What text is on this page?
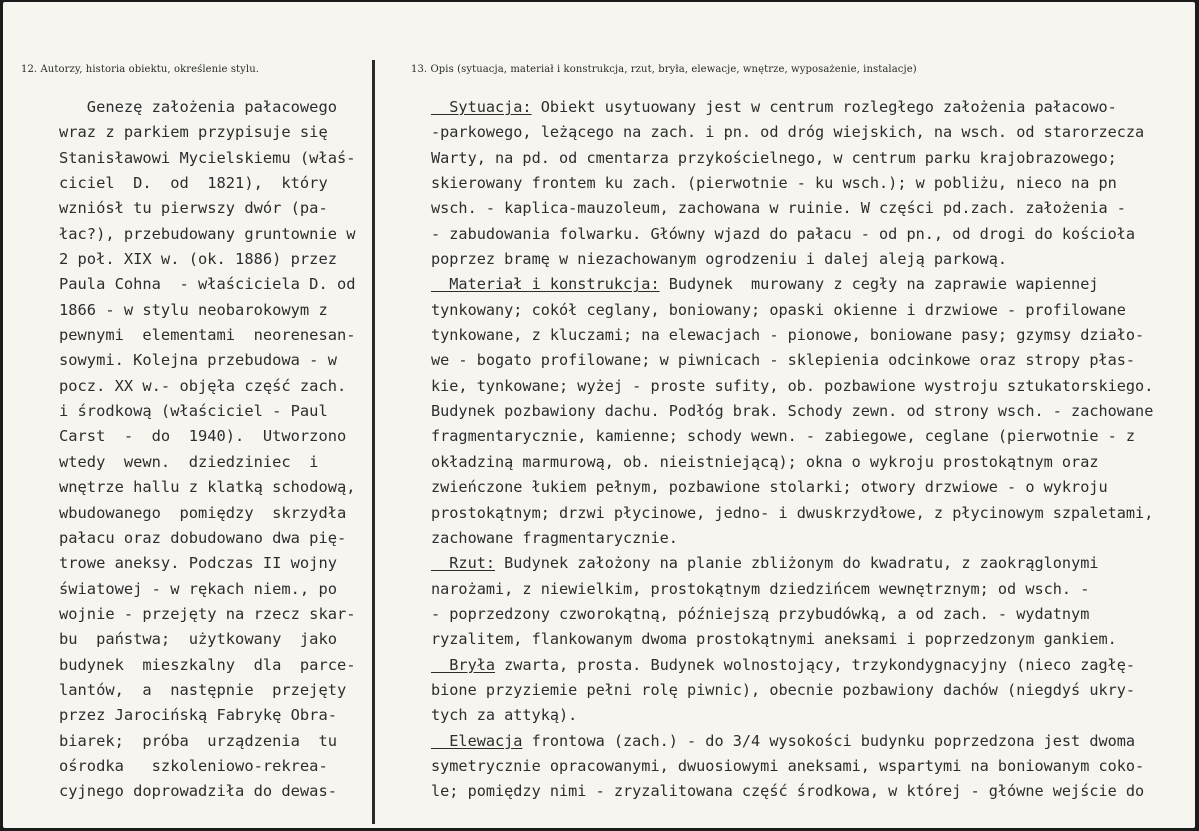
12. Autorzy, historia obiektu, określenie stylu.	13. Opis (sytuacja, materiał i konstrukcja, rzut, bryła, elewacje, wnętrze, wyposażenie, instalacje)
Genezę założenia pałacowego
wraz z parkiem przypisuje się
Stanisławowi Mycielskiemu (właś-
ciciel  D.  od  1821),  który
wzniósł tu pierwszy dwór (pa-
łac?), przebudowany gruntownie w
2 poł. XIX w. (ok. 1886) przez
Paula Cohna  - właściciela D. od
1866 - w stylu neobarokowym z
pewnymi  elementami  neorenesan-
sowymi. Kolejna przebudowa - w
pocz. XX w.- objęła część zach.
i środkową (właściciel - Paul
Carst  -  do  1940).  Utworzono
wtedy  wewn.  dziedziniec  i
wnętrze hallu z klatką schodową,
wbudowanego  pomiędzy  skrzydła
pałacu oraz dobudowano dwa pię-
trowe aneksy. Podczas II wojny
światowej - w rękach niem., po
wojnie - przejęty na rzecz skar-
bu  państwa;  użytkowany  jako
budynek  mieszkalny  dla  parce-
lantów,  a  następnie  przejęty
przez Jarocińską Fabrykę Obra-
biarek;  próba  urządzenia  tu
ośrodka   szkoleniowo-rekrea-
cyjnego doprowadziła do dewas-
Sytuacja: Obiekt usytuowany jest w centrum rozległego założenia pałacowo-
-parkowego, leżącego na zach. i pn. od dróg wiejskich, na wsch. od starorzecza
Warty, na pd. od cmentarza przykościelnego, w centrum parku krajobrazowego;
skierowany frontem ku zach. (pierwotnie - ku wsch.); w pobliżu, nieco na pn
wsch. - kaplica-mauzoleum, zachowana w ruinie. W części pd.zach. założenia -
- zabudowania folwarku. Główny wjazd do pałacu - od pn., od drogi do kościoła
poprzez bramę w niezachowanym ogrodzeniu i dalej aleją parkową.
Materiał i konstrukcja: Budynek  murowany z cegły na zaprawie wapiennej
tynkowany; cokół ceglany, boniowany; opaski okienne i drzwiowe - profilowane
tynkowane, z kluczami; na elewacjach - pionowe, boniowane pasy; gzymsy działo-
we - bogato profilowane; w piwnicach - sklepienia odcinkowe oraz stropy płas-
kie, tynkowane; wyżej - proste sufity, ob. pozbawione wystroju sztukatorskiego.
Budynek pozbawiony dachu. Podłóg brak. Schody zewn. od strony wsch. - zachowane
fragmentarycznie, kamienne; schody wewn. - zabiegowe, ceglane (pierwotnie - z
okładziną marmurową, ob. nieistniejącą); okna o wykroju prostokątnym oraz
zwieńczone łukiem pełnym, pozbawione stolarki; otwory drzwiowe - o wykroju
prostokątnym; drzwi płycinowe, jedno- i dwuskrzydłowe, z płycinowym szpaletami,
zachowane fragmentarycznie.
Rzut: Budynek założony na planie zbliżonym do kwadratu, z zaokrąglonymi
narożami, z niewielkim, prostokątnym dziedzińcem wewnętrznym; od wsch. -
- poprzedzony czworokątną, późniejszą przybudówką, a od zach. - wydatnym
ryzalitem, flankowanym dwoma prostokątnymi aneksami i poprzedzonym gankiem.
Bryła zwarta, prosta. Budynek wolnostojący, trzykondygnacyjny (nieco zagłę-
bione przyziemie pełni rolę piwnic), obecnie pozbawiony dachów (niegdyś ukry-
tych za attyką).
Elewacja frontowa (zach.) - do 3/4 wysokości budynku poprzedzona jest dwoma
symetrycznie opracowanymi, dwuosiowymi aneksami, wspartymi na boniowanym coko-
le; pomiędzy nimi - zryzalitowana część środkowa, w której - główne wejście do
